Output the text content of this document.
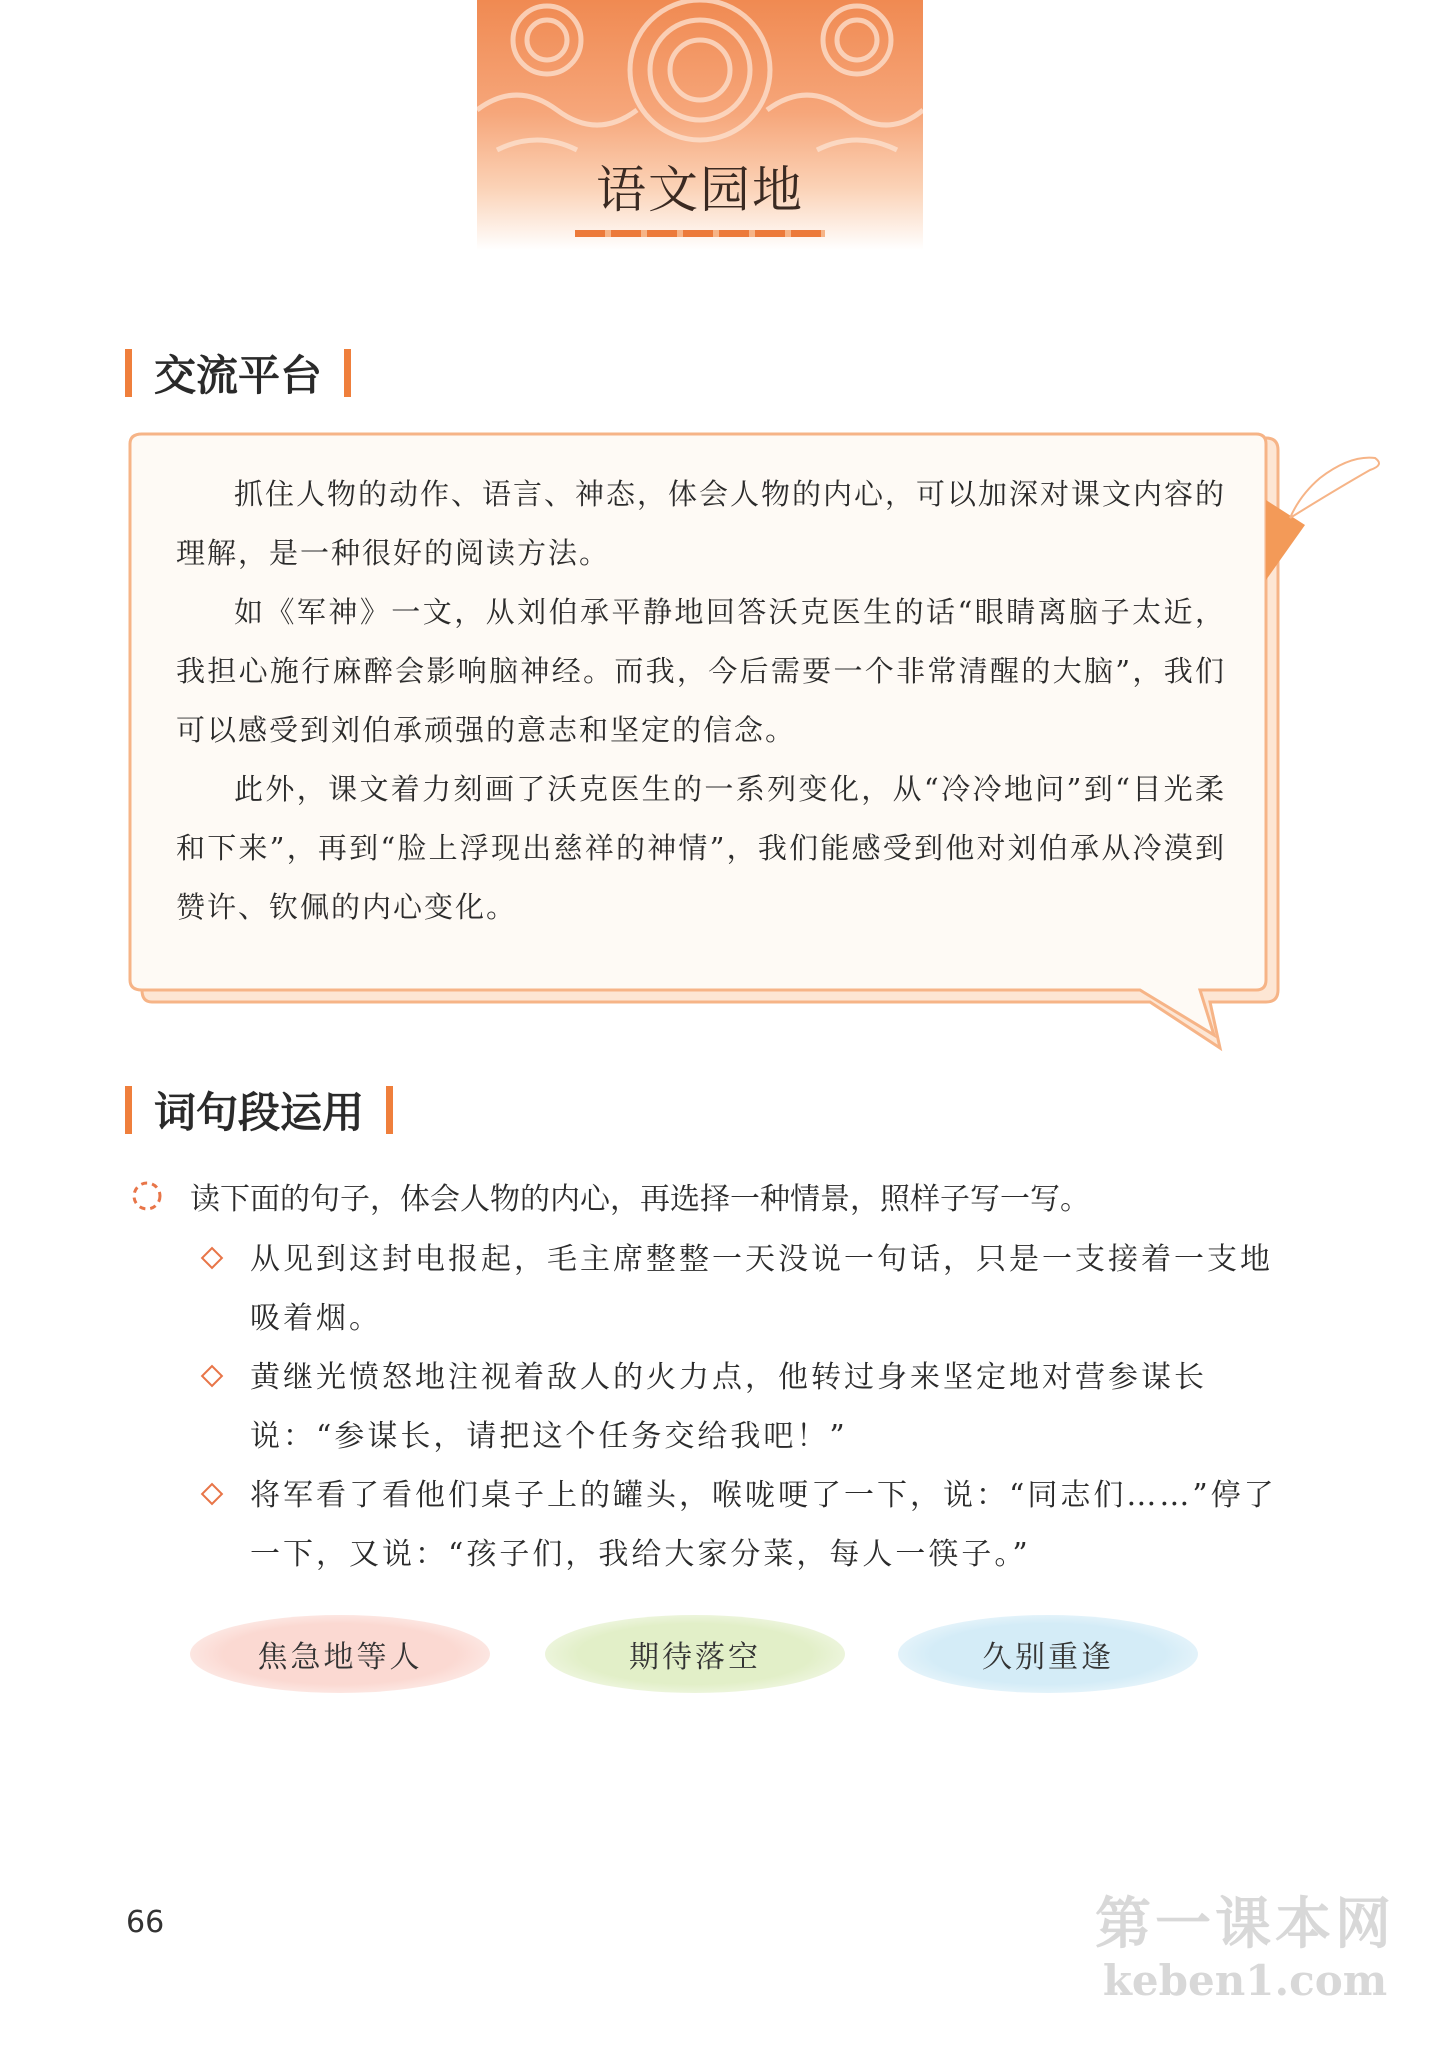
语文园地
交流平台

抓住人物的动作、语言、神态，体会人物的内心，可以加深对课文内容的理解，是一种很好的阅读方法。

如《军神》一文，从刘伯承平静地回答沃克医生的话“眼睛离脑子太近，我担心施行麻醉会影响脑神经。而我，今后需要一个非常清醒的大脑”，我们可以感受到刘伯承顽强的意志和坚定的信念。

此外，课文着力刻画了沃克医生的一系列变化，从“冷冷地问”到“目光柔和下来”，再到“脸上浮现出慈祥的神情”，我们能感受到他对刘伯承从冷漠到赞许、钦佩的内心变化。

词句段运用
读下面的句子，体会人物的内心，再选择一种情景，照样子写一写。

从见到这封电报起，毛主席整整一天没说一句话，只是一支接着一支地吸着烟。

黄继光愤怒地注视着敌人的火力点，他转过身来坚定地对营参谋长说：“参谋长，请把这个任务交给我吧！”

将军看了看他们桌子上的罐头，喉咙哽了一下，说：“同志们……”停了一下，又说：“孩子们，我给大家分菜，每人一筷子。”

焦急地等人	期待落空	久别重逢
66	第一课本网
keben1.com
